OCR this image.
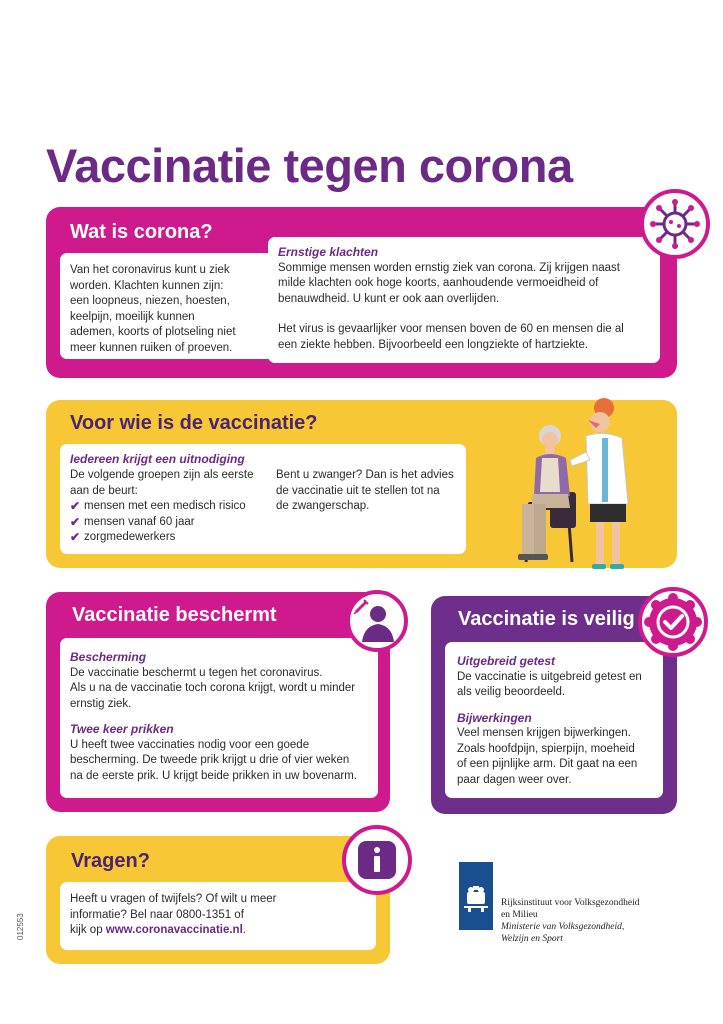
Vaccinatie tegen corona
Wat is corona?
Van het coronavirus kunt u ziek
worden. Klachten kunnen zijn:
een loopneus, niezen, hoesten,
keelpijn, moeilijk kunnen
ademen, koorts of plotseling niet
meer kunnen ruiken of proeven.
Ernstige klachten
Sommige mensen worden ernstig ziek van corona. Zij krijgen naast
milde klachten ook hoge koorts, aanhoudende vermoeidheid of
benauwdheid. U kunt er ook aan overlijden.
Het virus is gevaarlijker voor mensen boven de 60 en mensen die al
een ziekte hebben. Bijvoorbeeld een longziekte of hartziekte.
Voor wie is de vaccinatie?
Iedereen krijgt een uitnodiging
De volgende groepen zijn als eerste
aan de beurt:
✔ mensen met een medisch risico
✔ mensen vanaf 60 jaar
✔ zorgmedewerkers
Bent u zwanger? Dan is het advies
de vaccinatie uit te stellen tot na
de zwangerschap.
Vaccinatie beschermt
Bescherming
De vaccinatie beschermt u tegen het coronavirus.
Als u na de vaccinatie toch corona krijgt, wordt u minder
ernstig ziek.
Twee keer prikken
U heeft twee vaccinaties nodig voor een goede
bescherming. De tweede prik krijgt u drie of vier weken
na de eerste prik. U krijgt beide prikken in uw bovenarm.
Vaccinatie is veilig
Uitgebreid getest
De vaccinatie is uitgebreid getest en
als veilig beoordeeld.
Bijwerkingen
Veel mensen krijgen bijwerkingen.
Zoals hoofdpijn, spierpijn, moeheid
of een pijnlijke arm. Dit gaat na een
paar dagen weer over.
Vragen?
Heeft u vragen of twijfels? Of wilt u meer
informatie? Bel naar 0800-1351 of
kijk op www.coronavaccinatie.nl.
Rijksinstituut voor Volksgezondheid
en Milieu
Ministerie van Volksgezondheid,
Welzijn en Sport
012553
